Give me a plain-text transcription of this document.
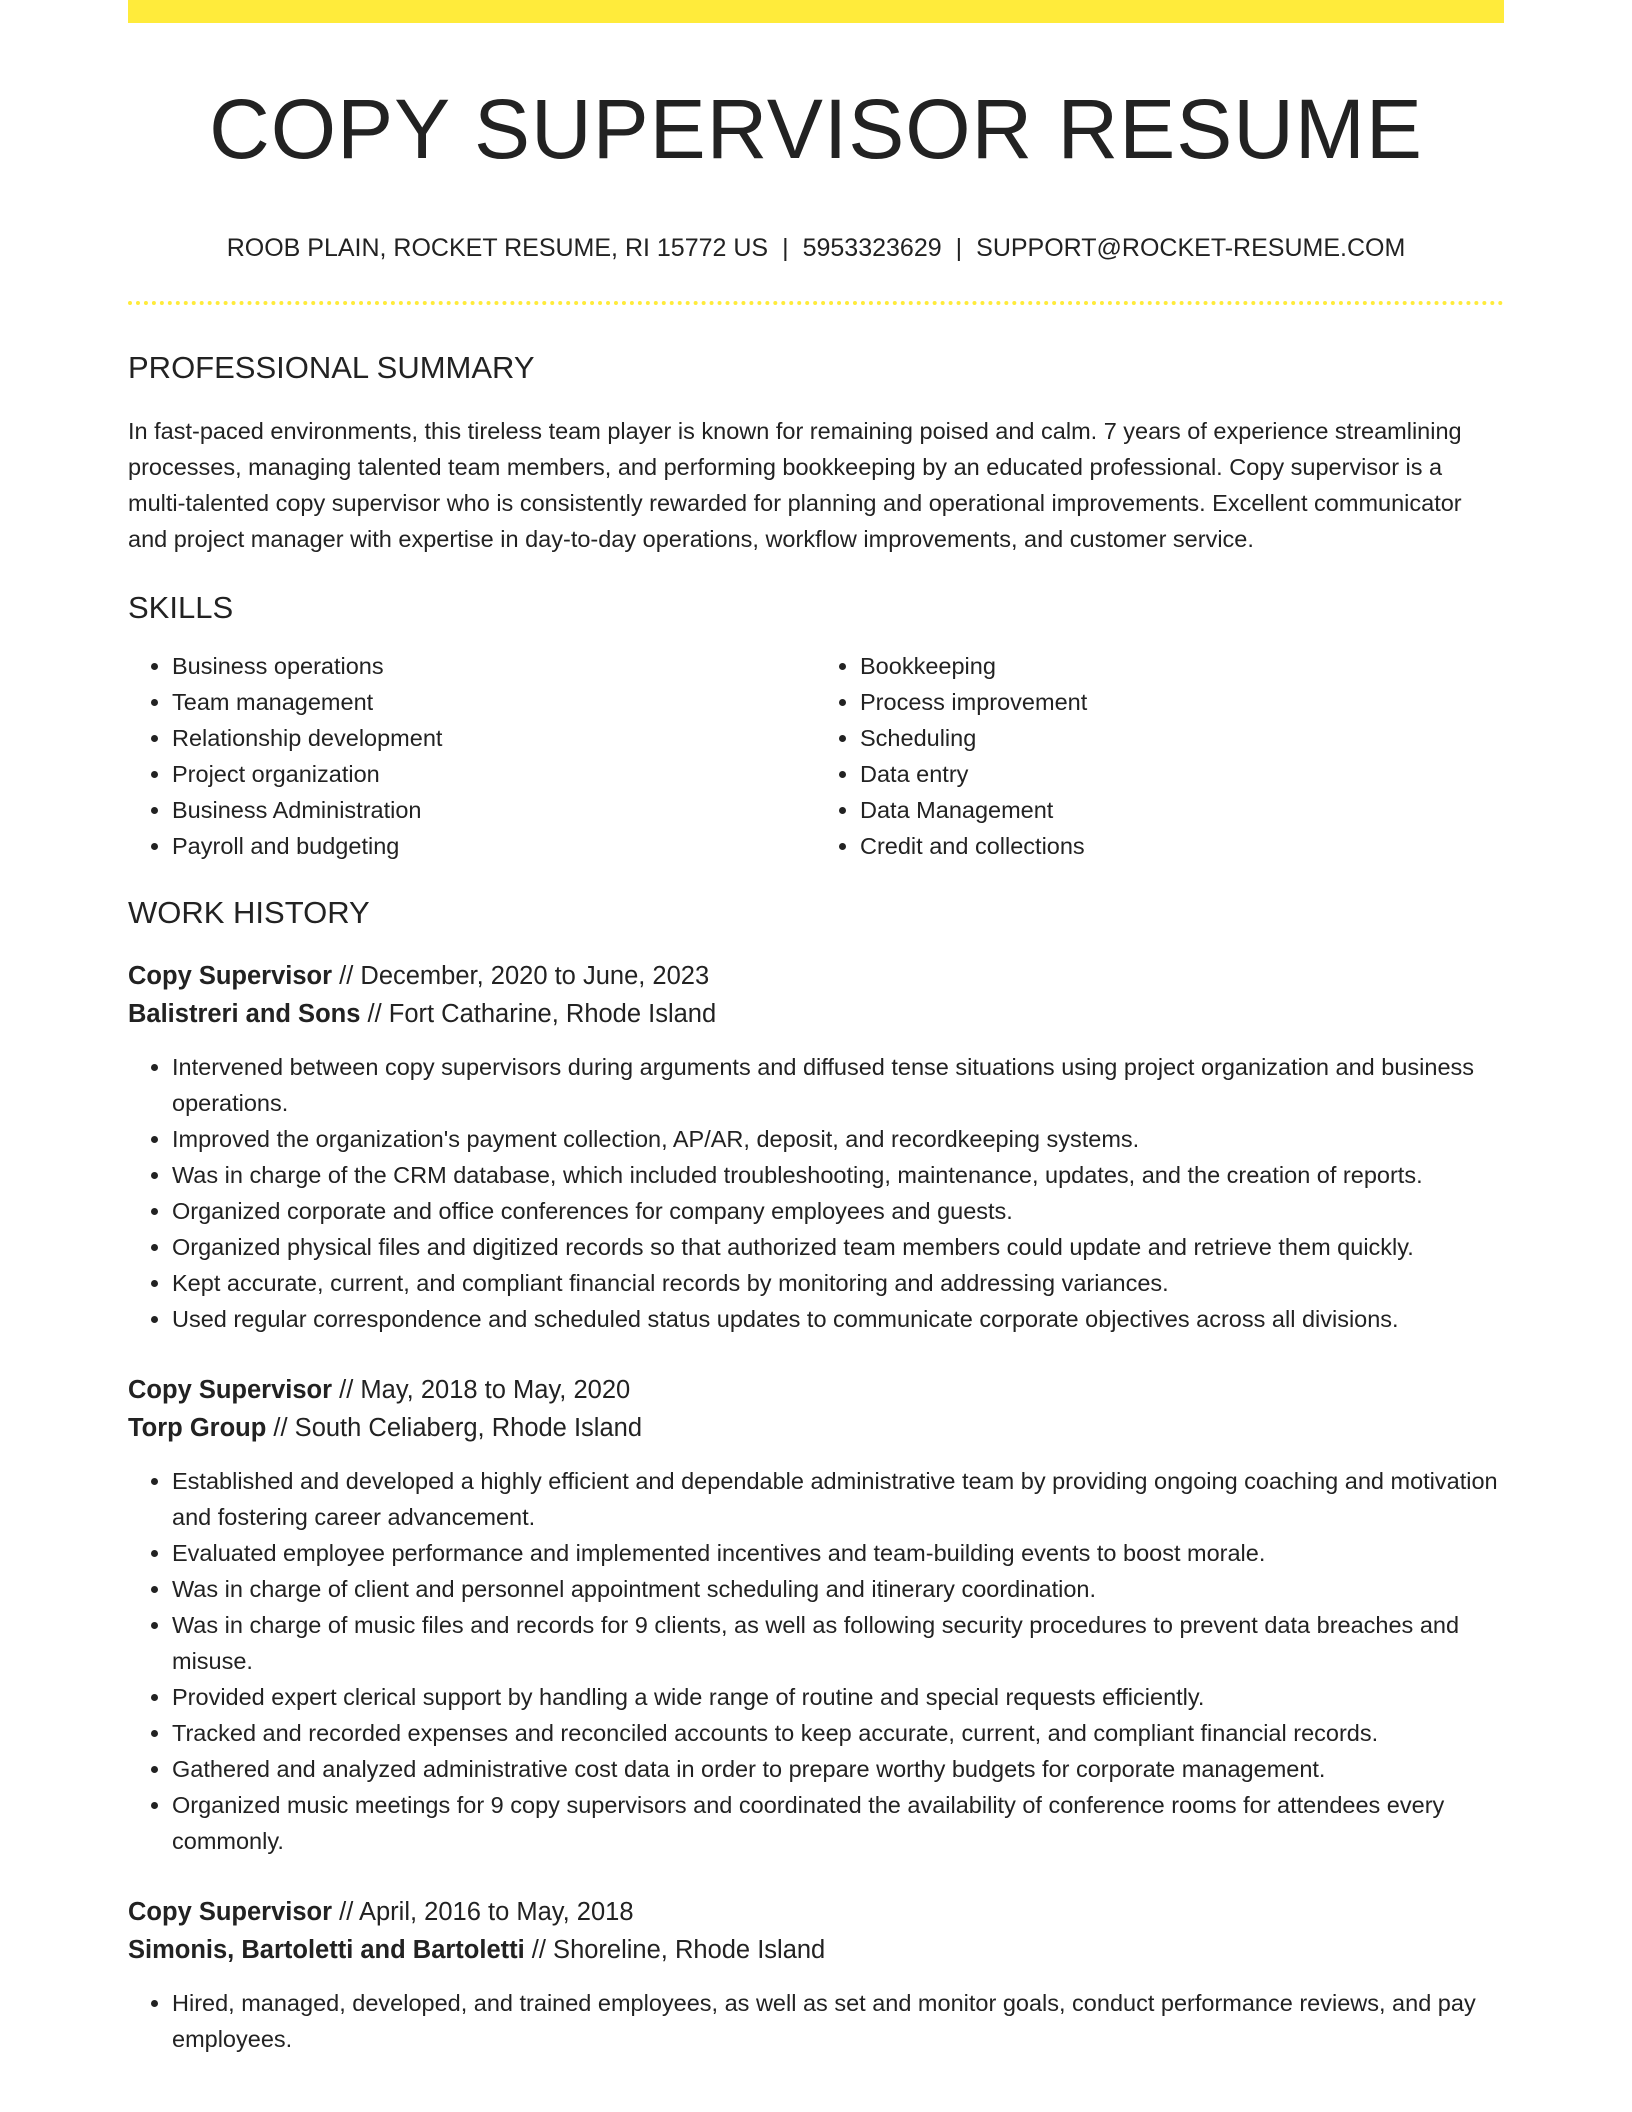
COPY SUPERVISOR RESUME
ROOB PLAIN, ROCKET RESUME, RI 15772 US | 5953323629 | SUPPORT@ROCKET-RESUME.COM
PROFESSIONAL SUMMARY

In fast-paced environments, this tireless team player is known for remaining poised and calm. 7 years of experience streamlining processes, managing talented team members, and performing bookkeeping by an educated professional. Copy supervisor is a multi-talented copy supervisor who is consistently rewarded for planning and operational improvements. Excellent communicator and project manager with expertise in day-to-day operations, workflow improvements, and customer service.

SKILLS
• Business operations
• Team management
• Relationship development
• Project organization
• Business Administration
• Payroll and budgeting
• Bookkeeping
• Process improvement
• Scheduling
• Data entry
• Data Management
• Credit and collections
WORK HISTORY
Copy Supervisor // December, 2020 to June, 2023
Balistreri and Sons // Fort Catharine, Rhode Island
• Intervened between copy supervisors during arguments and diffused tense situations using project organization and business operations.
• Improved the organization's payment collection, AP/AR, deposit, and recordkeeping systems.
• Was in charge of the CRM database, which included troubleshooting, maintenance, updates, and the creation of reports.
• Organized corporate and office conferences for company employees and guests.
• Organized physical files and digitized records so that authorized team members could update and retrieve them quickly.
• Kept accurate, current, and compliant financial records by monitoring and addressing variances.
• Used regular correspondence and scheduled status updates to communicate corporate objectives across all divisions.
Copy Supervisor // May, 2018 to May, 2020
Torp Group // South Celiaberg, Rhode Island
• Established and developed a highly efficient and dependable administrative team by providing ongoing coaching and motivation and fostering career advancement.
• Evaluated employee performance and implemented incentives and team-building events to boost morale.
• Was in charge of client and personnel appointment scheduling and itinerary coordination.
• Was in charge of music files and records for 9 clients, as well as following security procedures to prevent data breaches and misuse.
• Provided expert clerical support by handling a wide range of routine and special requests efficiently.
• Tracked and recorded expenses and reconciled accounts to keep accurate, current, and compliant financial records.
• Gathered and analyzed administrative cost data in order to prepare worthy budgets for corporate management.
• Organized music meetings for 9 copy supervisors and coordinated the availability of conference rooms for attendees every commonly.
Copy Supervisor // April, 2016 to May, 2018
Simonis, Bartoletti and Bartoletti // Shoreline, Rhode Island
• Hired, managed, developed, and trained employees, as well as set and monitor goals, conduct performance reviews, and pay employees.
